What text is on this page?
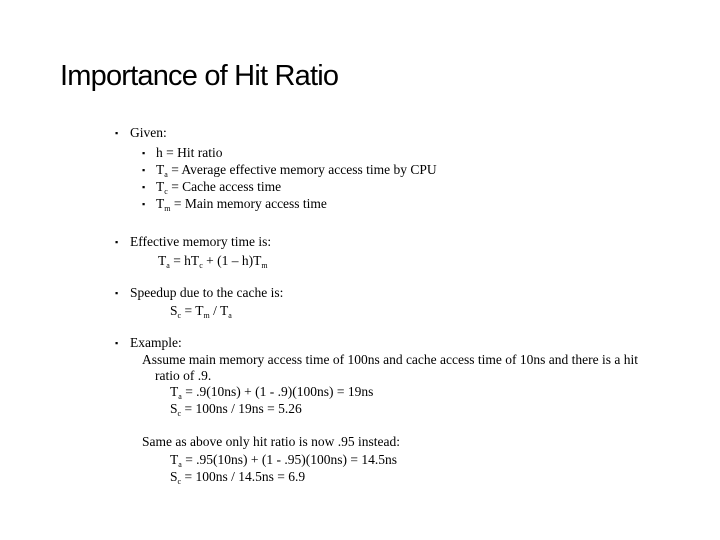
Importance of Hit Ratio
▪ Given:
▪ h = Hit ratio
▪ $T_a$ = Average effective memory access time by CPU
▪ $T_c$ = Cache access time
▪ $T_m$ = Main memory access time
▪ Effective memory time is:
$T_a = hT_c + (1 - h)T_m$
▪ Speedup due to the cache is:
$S_c = T_m / T_a$
▪ Example:
Assume main memory access time of 100ns and cache access time of 10ns and there is a hit
ratio of .9.
$T_a = .9(10ns) + (1 - .9)(100ns) = 19ns$
$S_c = 100ns / 19ns = 5.26$
Same as above only hit ratio is now .95 instead:
$T_a = .95(10ns) + (1 - .95)(100ns) = 14.5ns$
$S_c = 100ns / 14.5ns = 6.9$
